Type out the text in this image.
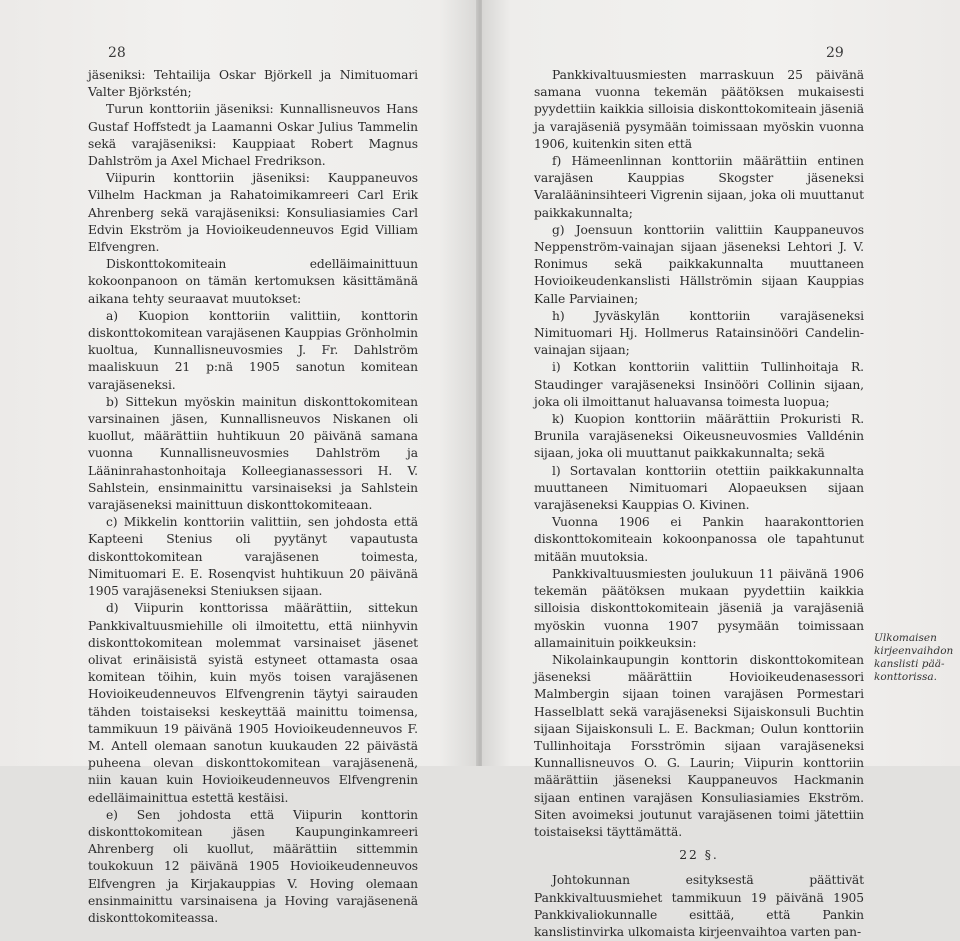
28

jäseniksi: Tehtailija Oskar Björkell ja Nimituomari Valter Björkstén;

Turun konttoriin jäseniksi: Kunnallisneuvos Hans Gustaf Hoffstedt ja Laamanni Oskar Julius Tammelin sekä varajäseniksi: Kauppiaat Robert Magnus Dahlström ja Axel Michael Fredrikson.

Viipurin konttoriin jäseniksi: Kauppaneuvos Vilhelm Hackman ja Rahatoimikamreeri Carl Erik Ahrenberg sekä varajäseniksi: Konsuliasiamies Carl Edvin Ekström ja Hovioikeudenneuvos Egid Villiam Elfvengren.

Diskonttokomiteain edelläimainittuun kokoonpanoon on tämän kertomuksen käsittämänä aikana tehty seuraavat muutokset:

a) Kuopion konttoriin valittiin, konttorin diskonttokomitean varajäsenen Kauppias Grönholmin kuoltua, Kunnallisneuvosmies J. Fr. Dahlström maaliskuun 21 p:nä 1905 sanotun komitean varajäseneksi.

b) Sittekun myöskin mainitun diskonttokomitean varsinainen jäsen, Kunnallisneuvos Niskanen oli kuollut, määrättiin huhtikuun 20 päivänä samana vuonna Kunnallisneuvosmies Dahlström ja Lääninrahastonhoitaja Kolleegianassessori H. V. Sahlstein, ensinmainittu varsinaiseksi ja Sahlstein varajäseneksi mainittuun diskonttokomiteaan.

c) Mikkelin konttoriin valittiin, sen johdosta että Kapteeni Stenius oli pyytänyt vapautusta diskonttokomitean varajäsenen toimesta, Nimituomari E. E. Rosenqvist huhtikuun 20 päivänä 1905 varajäseneksi Steniuksen sijaan.

d) Viipurin konttorissa määrättiin, sittekun Pankkivaltuusmiehille oli ilmoitettu, että niinhyvin diskonttokomitean molemmat varsinaiset jäsenet olivat erinäisistä syistä estyneet ottamasta osaa komitean töihin, kuin myös toisen varajäsenen Hovioikeudenneuvos Elfvengrenin täytyi sairauden tähden toistaiseksi keskeyttää mainittu toimensa, tammikuun 19 päivänä 1905 Hovioikeudenneuvos F. M. Antell olemaan sanotun kuukauden 22 päivästä puheena olevan diskonttokomitean varajäsenenä, niin kauan kuin Hovioikeudenneuvos Elfvengrenin edelläimainittua estettä kestäisi.

e) Sen johdosta että Viipurin konttorin diskonttokomitean jäsen Kaupunginkamreeri Ahrenberg oli kuollut, määrättiin sittemmin toukokuun 12 päivänä 1905 Hovioikeudenneuvos Elfvengren ja Kirjakauppias V. Hoving olemaan ensinmainittu varsinaisena ja Hoving varajäsenenä diskonttokomiteassa.

29

Pankkivaltuusmiesten marraskuun 25 päivänä samana vuonna tekemän päätöksen mukaisesti pyydettiin kaikkia silloisia diskonttokomiteain jäseniä ja varajäseniä pysymään toimissaan myöskin vuonna 1906, kuitenkin siten että

f) Hämeenlinnan konttoriin määrättiin entinen varajäsen Kauppias Skogster jäseneksi Varalääninsihteeri Vigrenin sijaan, joka oli muuttanut paikkakunnalta;

g) Joensuun konttoriin valittiin Kauppaneuvos Neppenström-vainajan sijaan jäseneksi Lehtori J. V. Ronimus sekä paikkakunnalta muuttaneen Hovioikeudenkanslisti Hällströmin sijaan Kauppias Kalle Parviainen;

h) Jyväskylän konttoriin varajäseneksi Nimituomari Hj. Hollmerus Ratainsinööri Candelin-vainajan sijaan;

i) Kotkan konttoriin valittiin Tullinhoitaja R. Staudinger varajäseneksi Insinööri Collinin sijaan, joka oli ilmoittanut haluavansa toimesta luopua;

k) Kuopion konttoriin määrättiin Prokuristi R. Brunila varajäseneksi Oikeusneuvosmies Valldénin sijaan, joka oli muuttanut paikkakunnalta; sekä

l) Sortavalan konttoriin otettiin paikkakunnalta muuttaneen Nimituomari Alopaeuksen sijaan varajäseneksi Kauppias O. Kivinen.

Vuonna 1906 ei Pankin haarakonttorien diskonttokomiteain kokoonpanossa ole tapahtunut mitään muutoksia.

Pankkivaltuusmiesten joulukuun 11 päivänä 1906 tekemän päätöksen mukaan pyydettiin kaikkia silloisia diskonttokomiteain jäseniä ja varajäseniä myöskin vuonna 1907 pysymään toimissaan allamainituin poikkeuksin:

Nikolainkaupungin konttorin diskonttokomitean jäseneksi määrättiin Hovioikeudenasessori Malmbergin sijaan toinen varajäsen Pormestari Hasselblatt sekä varajäseneksi Sijaiskonsuli Buchtin sijaan Sijaiskonsuli L. E. Backman; Oulun konttoriin Tullinhoitaja Forsströmin sijaan varajäseneksi Kunnallisneuvos O. G. Laurin; Viipurin konttoriin määrättiin jäseneksi Kauppaneuvos Hackmanin sijaan entinen varajäsen Konsuliasiamies Ekström. Siten avoimeksi joutunut varajäsenen toimi jätettiin toistaiseksi täyttämättä.

22 §.

Johtokunnan esityksestä päättivät Pankkivaltuusmiehet tammikuun 19 päivänä 1905 Pankkivaliokunnalle esittää, että Pankin kanslistinvirka ulkomaista kirjeenvaihtoa varten pan-

Ulkomaisen
kirjeenvaihdon
kanslisti pää-
konttorissa.
